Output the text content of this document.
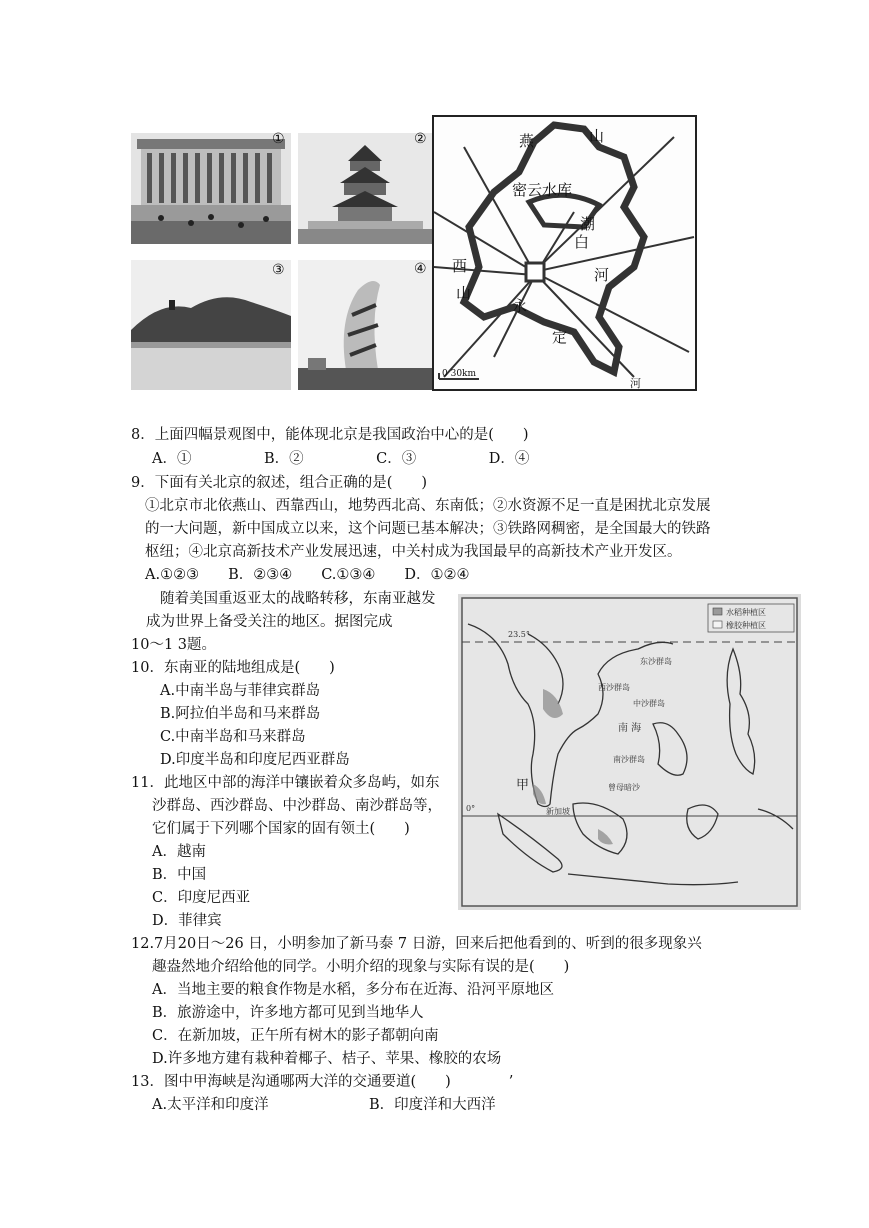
①	②
③	④
燕	山
密云水库
潮
白
河
西
山
永
定
河
0 30km
水稻种植区
橡胶种植区
23.5°
0°
东沙群岛
西沙群岛
中沙群岛
南沙群岛
南 海
曾母暗沙
新加坡
甲
8．上面四幅景观图中，能体现北京是我国政治中心的是(　　)
A．①　　　　　B．②　　　　　C．③　　　　　D．④
9．下面有关北京的叙述，组合正确的是(　　)
①北京市北依燕山、西靠西山，地势西北高、东南低；②水资源不足一直是困扰北京发展
的一大问题，新中国成立以来，这个问题已基本解决；③铁路网稠密，是全国最大的铁路
枢纽；④北京高新技术产业发展迅速，中关村成为我国最早的高新技术产业开发区。
A.①②③　　B．②③④　　C.①③④　　D．①②④
随着美国重返亚太的战略转移，东南亚越发
成为世界上备受关注的地区。据图完成
10～1 3题。
10．东南亚的陆地组成是(　　)
A.中南半岛与菲律宾群岛
B.阿拉伯半岛和马来群岛
C.中南半岛和马来群岛
D.印度半岛和印度尼西亚群岛
11．此地区中部的海洋中镶嵌着众多岛屿，如东
沙群岛、西沙群岛、中沙群岛、南沙群岛等，
它们属于下列哪个国家的固有领土(　　)
A．越南
B．中国
C．印度尼西亚
D．菲律宾
12.7月20日～26 日，小明参加了新马泰 7 日游，回来后把他看到的、听到的很多现象兴
趣盎然地介绍给他的同学。小明介绍的现象与实际有误的是(　　)
A．当地主要的粮食作物是水稻，多分布在近海、沿河平原地区
B．旅游途中，许多地方都可见到当地华人
C．在新加坡，正午所有树木的影子都朝向南
D.许多地方建有栽种着椰子、桔子、苹果、橡胶的农场
13．图中甲海峡是沟通哪两大洋的交通要道(　　)　　　　’
A.太平洋和印度洋	B．印度洋和大西洋
